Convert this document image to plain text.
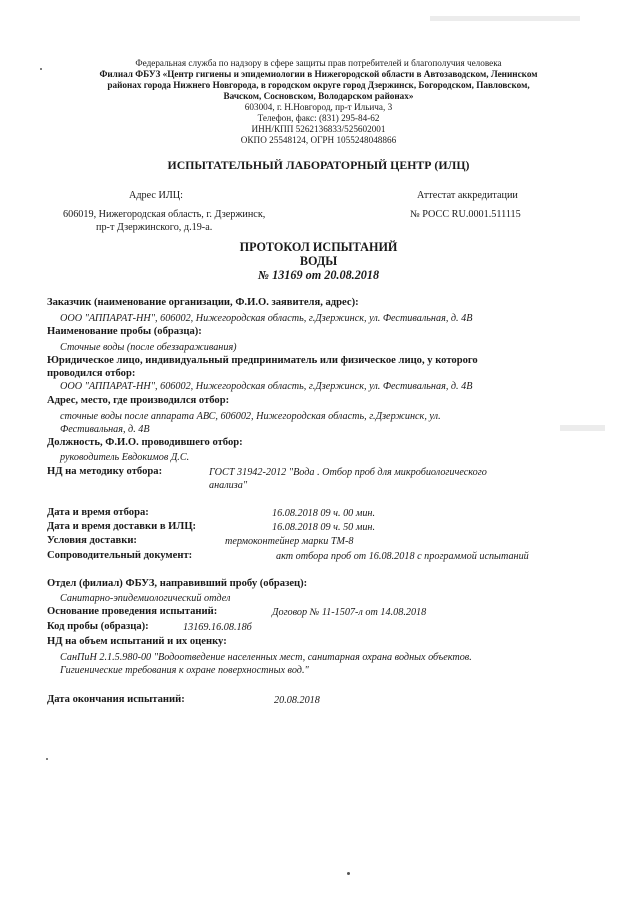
Федеральная служба по надзору в сфере защиты прав потребителей и благополучия человека
Филиал ФБУЗ «Центр гигиены и эпидемиологии в Нижегородской области в Автозаводском, Ленинском
районах города Нижнего Новгорода, в городском округе город Дзержинск, Богородском, Павловском,
Вачском, Сосновском, Володарском районах»
603004, г. Н.Новгород, пр-т Ильича, 3
Телефон, факс: (831) 295-84-62
ИНН/КПП 5262136833/525602001
ОКПО 25548124, ОГРН 1055248048866
ИСПЫТАТЕЛЬНЫЙ ЛАБОРАТОРНЫЙ ЦЕНТР (ИЛЦ)
Адрес ИЛЦ:
606019, Нижегородская область, г. Дзержинск,
пр-т Дзержинского, д.19-а.
Аттестат аккредитации
№ РОСС RU.0001.511115
ПРОТОКОЛ ИСПЫТАНИЙ
ВОДЫ
№ 13169 от 20.08.2018
Заказчик (наименование организации, Ф.И.О. заявителя, адрес):
ООО "АППАРАТ-НН", 606002, Нижегородская область, г.Дзержинск, ул. Фестивальная, д. 4В
Наименование пробы (образца):
Сточные воды (после обеззараживания)
Юридическое лицо, индивидуальный предприниматель или физическое лицо, у которого
проводился отбор:
ООО "АППАРАТ-НН", 606002, Нижегородская область, г.Дзержинск, ул. Фестивальная, д. 4В
Адрес, место, где производился отбор:
сточные воды после аппарата АВС, 606002, Нижегородская область, г.Дзержинск, ул.
Фестивальная, д. 4В
Должность, Ф.И.О. проводившего отбор:
руководитель Евдокимов Д.С.
НД на методику отбора:	ГОСТ 31942-2012 "Вода . Отбор проб для микробиологического
анализа"
Дата и время отбора:	16.08.2018 09 ч. 00 мин.
Дата и время доставки в ИЛЦ:	16.08.2018 09 ч. 50 мин.
Условия доставки:	термоконтейнер марки ТМ-8
Сопроводительный документ:	акт отбора проб от 16.08.2018 с программой испытаний
Отдел (филиал) ФБУЗ, направивший пробу (образец):
Санитарно-эпидемиологический отдел
Основание проведения испытаний:	Договор № 11-1507-л от 14.08.2018
Код пробы (образца):	13169.16.08.18б
НД на объем испытаний и их оценку:
СанПиН 2.1.5.980-00 "Водоотведение населенных мест, санитарная охрана водных объектов.
Гигиенические требования к охране поверхностных вод."
Дата окончания испытаний:	20.08.2018
